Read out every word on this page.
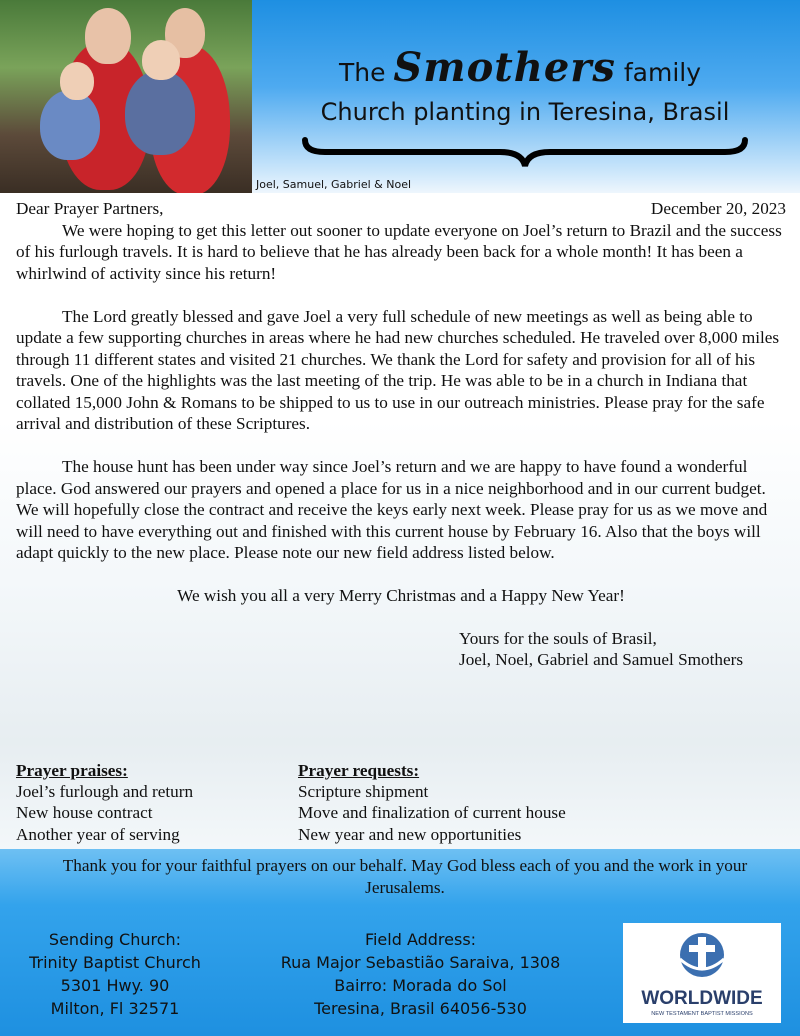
The Smothers family
Church planting in Teresina, Brasil
Joel, Samuel, Gabriel & Noel
Dear Prayer Partners,	December 20, 2023

We were hoping to get this letter out sooner to update everyone on Joel’s return to Brazil and the success of his furlough travels. It is hard to believe that he has already been back for a whole month! It has been a whirlwind of activity since his return!

The Lord greatly blessed and gave Joel a very full schedule of new meetings as well as being able to update a few supporting churches in areas where he had new churches scheduled. He traveled over 8,000 miles through 11 different states and visited 21 churches. We thank the Lord for safety and provision for all of his travels. One of the highlights was the last meeting of the trip. He was able to be in a church in Indiana that collated 15,000 John & Romans to be shipped to us to use in our outreach ministries. Please pray for the safe arrival and distribution of these Scriptures.

The house hunt has been under way since Joel’s return and we are happy to have found a wonderful place. God answered our prayers and opened a place for us in a nice neighborhood and in our current budget. We will hopefully close the contract and receive the keys early next week. Please pray for us as we move and will need to have everything out and finished with this current house by February 16. Also that the boys will adapt quickly to the new place. Please note our new field address listed below.

We wish you all a very Merry Christmas and a Happy New Year!
Yours for the souls of Brasil,
Joel, Noel, Gabriel and Samuel Smothers
Prayer praises:
Joel’s furlough and return
New house contract
Another year of serving
Prayer requests:
Scripture shipment
Move and finalization of current house
New year and new opportunities
Thank you for your faithful prayers on our behalf. May God bless each of you and the work in your Jerusalems.
Sending Church:
Trinity Baptist Church
5301 Hwy. 90
Milton, Fl 32571
Field Address:
Rua Major Sebastião Saraiva, 1308
Bairro: Morada do Sol
Teresina, Brasil 64056-530	WORLDWIDE
NEW TESTAMENT BAPTIST MISSIONS
